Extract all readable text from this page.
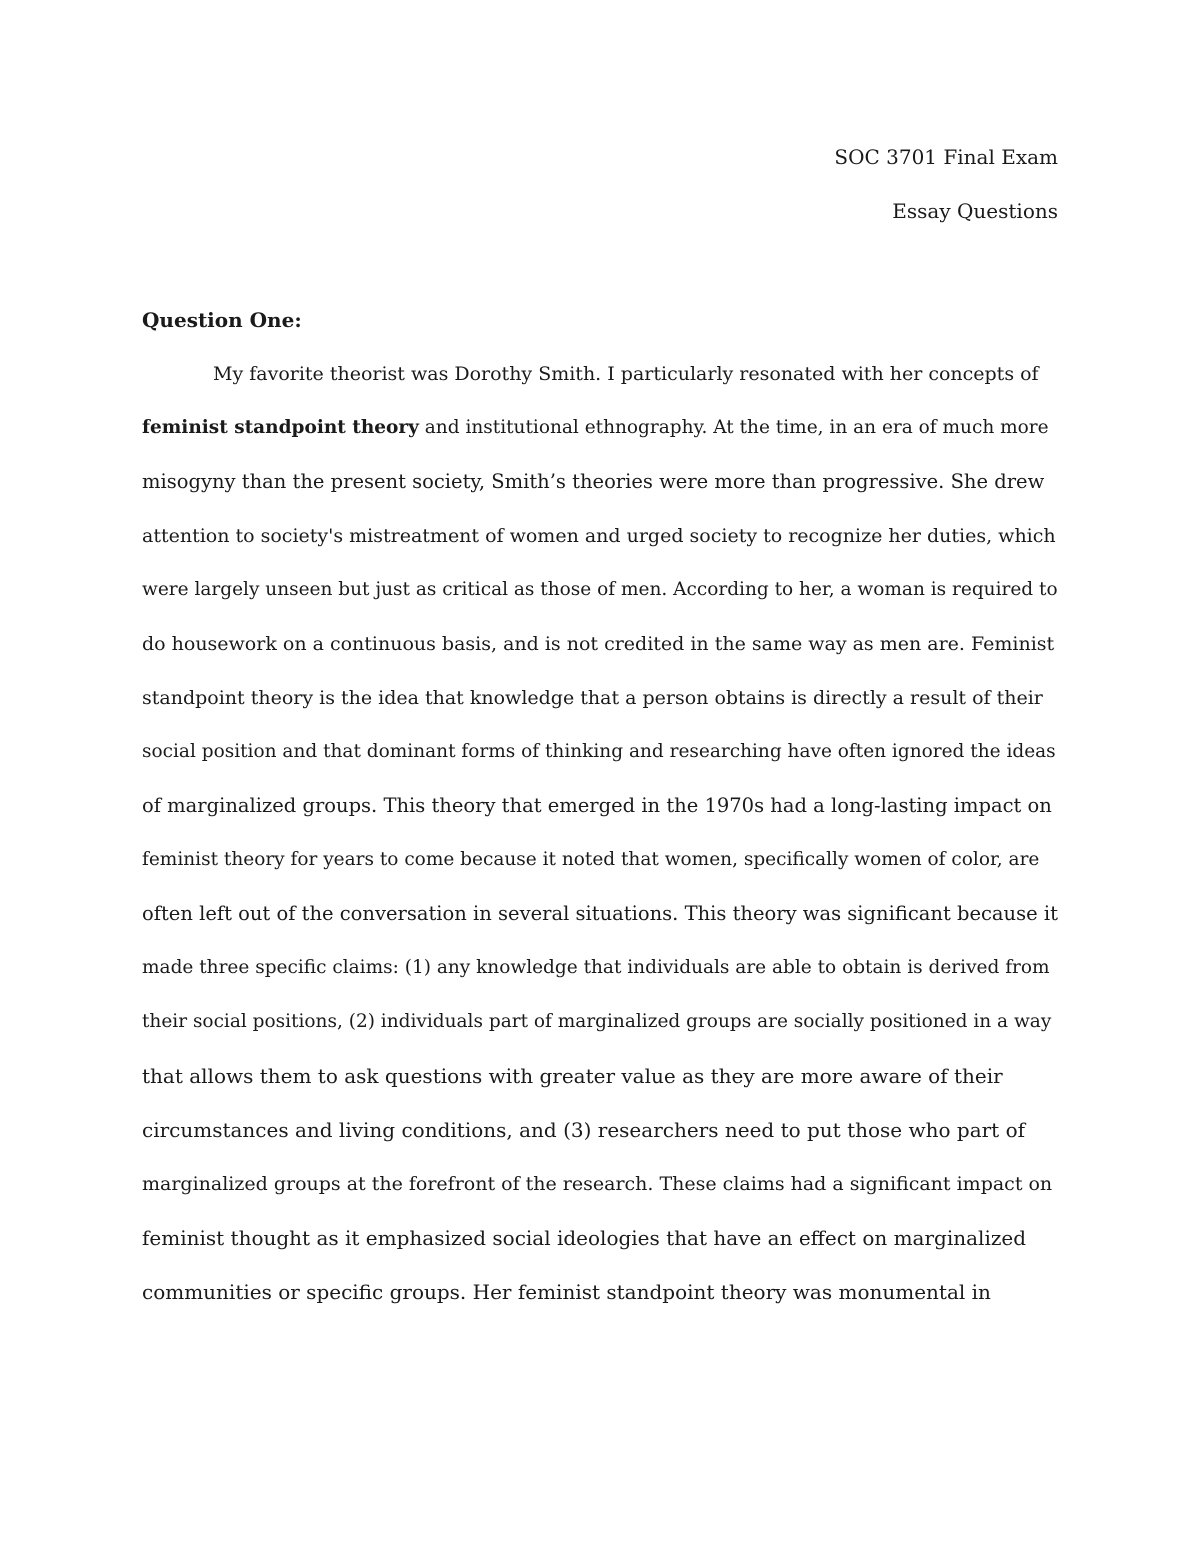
SOC 3701 Final Exam
Essay Questions
Question One:
My favorite theorist was Dorothy Smith. I particularly resonated with her concepts of
feminist standpoint theory and institutional ethnography. At the time, in an era of much more
misogyny than the present society, Smith’s theories were more than progressive. She drew
attention to society's mistreatment of women and urged society to recognize her duties, which
were largely unseen but just as critical as those of men. According to her, a woman is required to
do housework on a continuous basis, and is not credited in the same way as men are. Feminist
standpoint theory is the idea that knowledge that a person obtains is directly a result of their
social position and that dominant forms of thinking and researching have often ignored the ideas
of marginalized groups. This theory that emerged in the 1970s had a long-lasting impact on
feminist theory for years to come because it noted that women, specifically women of color, are
often left out of the conversation in several situations. This theory was significant because it
made three specific claims: (1) any knowledge that individuals are able to obtain is derived from
their social positions, (2) individuals part of marginalized groups are socially positioned in a way
that allows them to ask questions with greater value as they are more aware of their
circumstances and living conditions, and (3) researchers need to put those who part of
marginalized groups at the forefront of the research. These claims had a significant impact on
feminist thought as it emphasized social ideologies that have an effect on marginalized
communities or specific groups. Her feminist standpoint theory was monumental in
